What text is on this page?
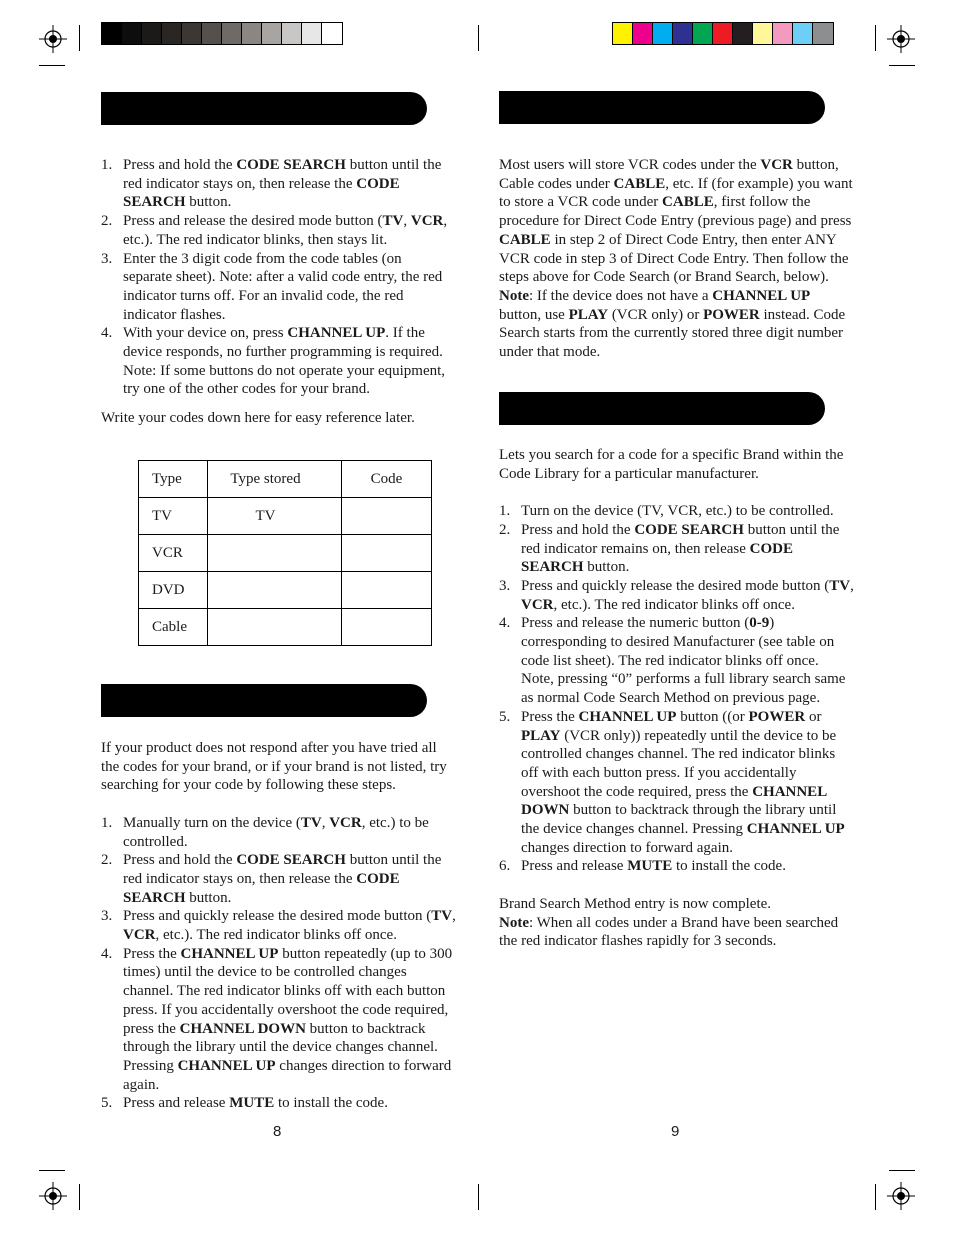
1. Press and hold the CODE SEARCH button until the red indicator stays on, then release the CODE SEARCH button.
2. Press and release the desired mode button (TV, VCR, etc.). The red indicator blinks, then stays lit.
3. Enter the 3 digit code from the code tables (on separate sheet). Note: after a valid code entry, the red indicator turns off. For an invalid code, the red indicator flashes.
4. With your device on, press CHANNEL UP. If the device responds, no further programming is required. Note: If some buttons do not operate your equipment, try one of the other codes for your brand.

Write your codes down here for easy reference later.

Type	Type stored	Code
TV	TV	
VCR		
DVD		
Cable		

If your product does not respond after you have tried all the codes for your brand, or if your brand is not listed, try searching for your code by following these steps.

1. Manually turn on the device (TV, VCR, etc.) to be controlled.
2. Press and hold the CODE SEARCH button until the red indicator stays on, then release the CODE SEARCH button.
3. Press and quickly release the desired mode button (TV, VCR, etc.). The red indicator blinks off once.
4. Press the CHANNEL UP button repeatedly (up to 300 times) until the device to be controlled changes channel. The red indicator blinks off with each button press. If you accidentally overshoot the code required, press the CHANNEL DOWN button to backtrack through the library until the device changes channel. Pressing CHANNEL UP changes direction to forward again.
5. Press and release MUTE to install the code.
8

Most users will store VCR codes under the VCR button, Cable codes under CABLE, etc. If (for example) you want to store a VCR code under CABLE, first follow the procedure for Direct Code Entry (previous page) and press CABLE in step 2 of Direct Code Entry, then enter ANY VCR code in step 3 of Direct Code Entry. Then follow the steps above for Code Search (or Brand Search, below). Note: If the device does not have a CHANNEL UP button, use PLAY (VCR only) or POWER instead. Code Search starts from the currently stored three digit number under that mode.

Lets you search for a code for a specific Brand within the Code Library for a particular manufacturer.

1. Turn on the device (TV, VCR, etc.) to be controlled.
2. Press and hold the CODE SEARCH button until the red indicator remains on, then release CODE SEARCH button.
3. Press and quickly release the desired mode button (TV, VCR, etc.). The red indicator blinks off once.
4. Press and release the numeric button (0-9) corresponding to desired Manufacturer (see table on code list sheet). The red indicator blinks off once. Note, pressing “0” performs a full library search same as normal Code Search Method on previous page.
5. Press the CHANNEL UP button ((or POWER or PLAY (VCR only)) repeatedly until the device to be controlled changes channel. The red indicator blinks off with each button press. If you accidentally overshoot the code required, press the CHANNEL DOWN button to backtrack through the library until the device changes channel. Pressing CHANNEL UP changes direction to forward again.
6. Press and release MUTE to install the code.

Brand Search Method entry is now complete.

Note: When all codes under a Brand have been searched the red indicator flashes rapidly for 3 seconds.

9
